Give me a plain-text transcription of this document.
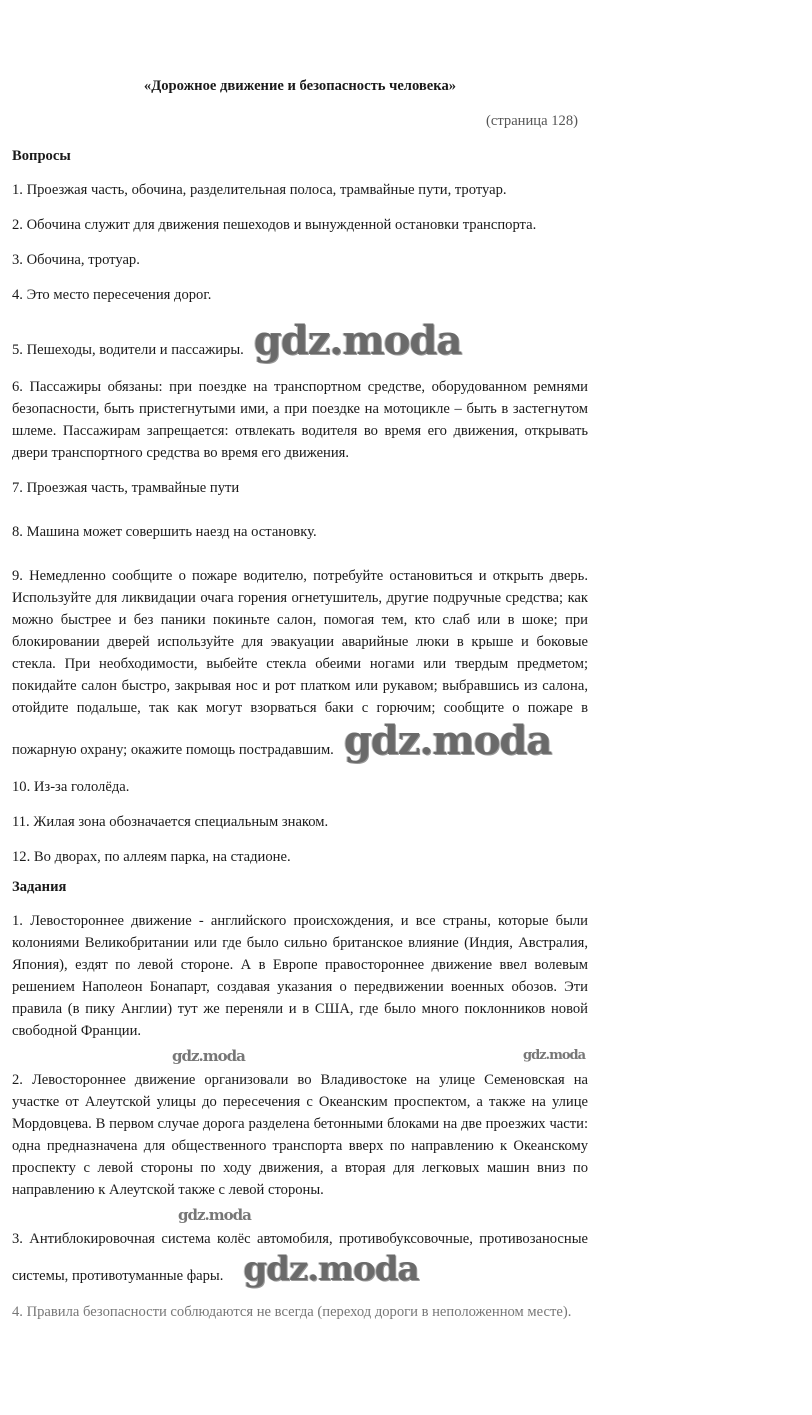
«Дорожное движение и безопасность человека»
(страница 128)
Вопросы

1. Проезжая часть, обочина, разделительная полоса, трамвайные пути, тротуар.

2. Обочина служит для движения пешеходов и вынужденной остановки транспорта.

3. Обочина, тротуар.

4. Это место пересечения дорог.

5. Пешеходы, водители и пассажиры. gdz.moda

6. Пассажиры обязаны: при поездке на транспортном средстве, оборудованном ремнями безопасности, быть пристегнутыми ими, а при поездке на мотоцикле – быть в застегнутом шлеме. Пассажирам запрещается: отвлекать водителя во время его движения, открывать двери транспортного средства во время его движения.

7. Проезжая часть, трамвайные пути

8. Машина может совершить наезд на остановку.

9. Немедленно сообщите о пожаре водителю, потребуйте остановиться и открыть дверь. Используйте для ликвидации очага горения огнетушитель, другие подручные средства; как можно быстрее и без паники покиньте салон, помогая тем, кто слаб или в шоке; при блокировании дверей используйте для эвакуации аварийные люки в крыше и боковые стекла. При необходимости, выбейте стекла обеими ногами или твердым предметом; покидайте салон быстро, закрывая нос и рот платком или рукавом; выбравшись из салона, отойдите подальше, так как могут взорваться баки с горючим; сообщите о пожаре в пожарную охрану; окажите помощь пострадавшим. gdz.moda

10. Из-за гололёда.

11. Жилая зона обозначается специальным знаком.

12. Во дворах, по аллеям парка, на стадионе.

Задания

1. Левостороннее движение - английского происхождения, и все страны, которые были колониями Великобритании или где было сильно британское влияние (Индия, Австралия, Япония), ездят по левой стороне. А в Европе правостороннее движение ввел волевым решением Наполеон Бонапарт, создавая указания о передвижении военных обозов. Эти правила (в пику Англии) тут же переняли и в США, где было много поклонников новой свободной Франции.

gdz.moda	gdz.moda

2. Левостороннее движение организовали во Владивостоке на улице Семеновская на участке от Алеутской улицы до пересечения с Океанским проспектом, а также на улице Мордовцева. В первом случае дорога разделена бетонными блоками на две проезжих части: одна предназначена для общественного транспорта вверх по направлению к Океанскому проспекту с левой стороны по ходу движения, а вторая для легковых машин вниз по направлению к Алеутской также с левой стороны.

gdz.moda

3. Антиблокировочная система колёс автомобиля, противобуксовочные, противозаносные системы, противотуманные фары. gdz.moda

4. Правила безопасности соблюдаются не всегда (переход дороги в неположенном месте).
